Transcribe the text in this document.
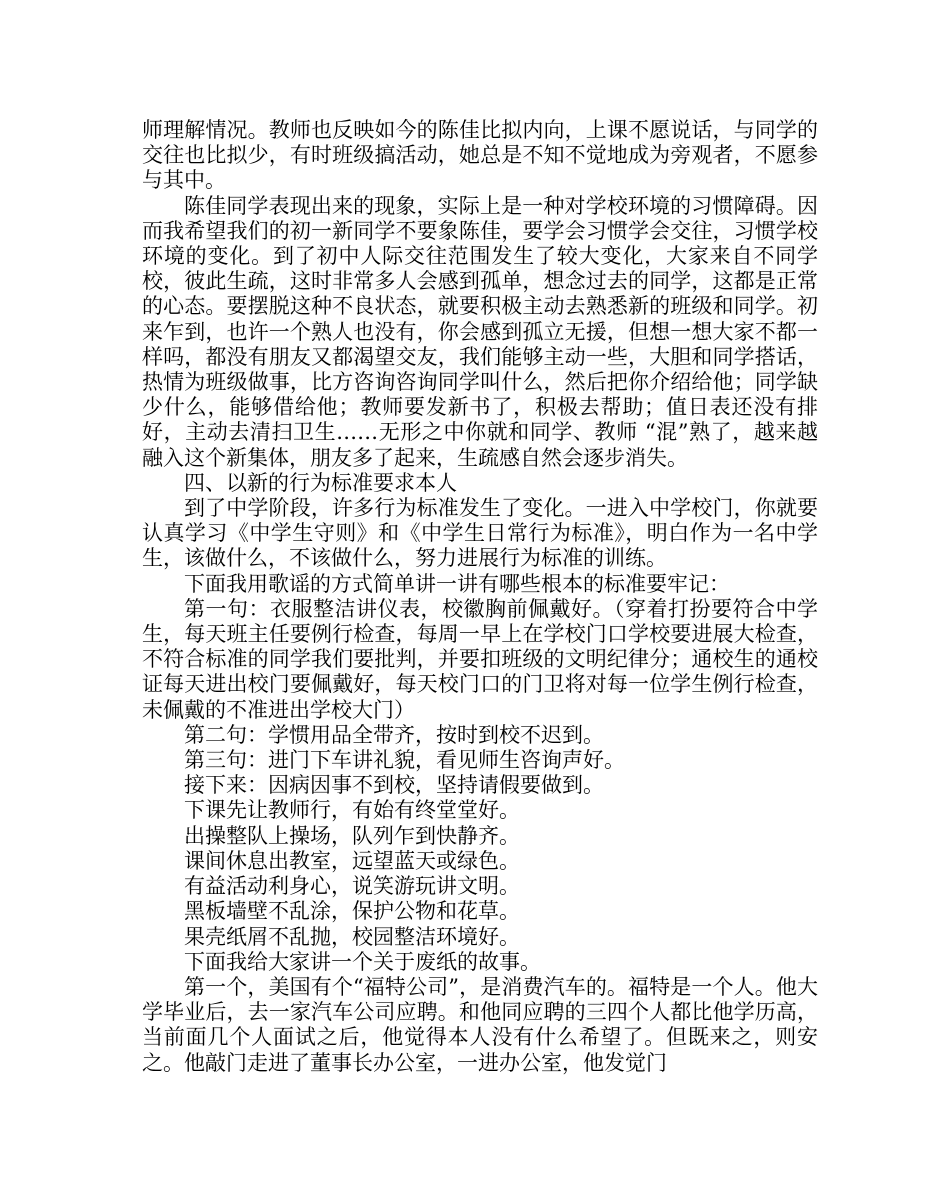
师理解情况。教师也反映如今的陈佳比拟内向，上课不愿说话，与同学的交往也比拟少，有时班级搞活动，她总是不知不觉地成为旁观者，不愿参与其中。

陈佳同学表现出来的现象，实际上是一种对学校环境的习惯障碍。因而我希望我们的初一新同学不要象陈佳，要学会习惯学会交往，习惯学校环境的变化。到了初中人际交往范围发生了较大变化，大家来自不同学校，彼此生疏，这时非常多人会感到孤单，想念过去的同学，这都是正常的心态。要摆脱这种不良状态，就要积极主动去熟悉新的班级和同学。初来乍到，也许一个熟人也没有，你会感到孤立无援，但想一想大家不都一样吗，都没有朋友又都渴望交友，我们能够主动一些，大胆和同学搭话，热情为班级做事，比方咨询咨询同学叫什么，然后把你介绍给他；同学缺少什么，能够借给他；教师要发新书了，积极去帮助；值日表还没有排好，主动去清扫卫生……无形之中你就和同学、教师 “混”熟了，越来越融入这个新集体，朋友多了起来，生疏感自然会逐步消失。

四、以新的行为标准要求本人

到了中学阶段，许多行为标准发生了变化。一进入中学校门，你就要认真学习《中学生守则》和《中学生日常行为标准》，明白作为一名中学生，该做什么，不该做什么，努力进展行为标准的训练。

下面我用歌谣的方式简单讲一讲有哪些根本的标准要牢记：

第一句：衣服整洁讲仪表，校徽胸前佩戴好。（穿着打扮要符合中学生，每天班主任要例行检查，每周一早上在学校门口学校要进展大检查，不符合标准的同学我们要批判，并要扣班级的文明纪律分；通校生的通校证每天进出校门要佩戴好，每天校门口的门卫将对每一位学生例行检查，未佩戴的不准进出学校大门）

第二句：学惯用品全带齐，按时到校不迟到。

第三句：进门下车讲礼貌，看见师生咨询声好。

接下来：因病因事不到校，坚持请假要做到。

下课先让教师行，有始有终堂堂好。

出操整队上操场，队列乍到快静齐。

课间休息出教室，远望蓝天或绿色。

有益活动利身心，说笑游玩讲文明。

黑板墙壁不乱涂，保护公物和花草。

果壳纸屑不乱抛，校园整洁环境好。

下面我给大家讲一个关于废纸的故事。

第一个，美国有个“福特公司”，是消费汽车的。福特是一个人。他大学毕业后，去一家汽车公司应聘。和他同应聘的三四个人都比他学历高，当前面几个人面试之后，他觉得本人没有什么希望了。但既来之，则安之。他敲门走进了董事长办公室，一进办公室，他发觉门
